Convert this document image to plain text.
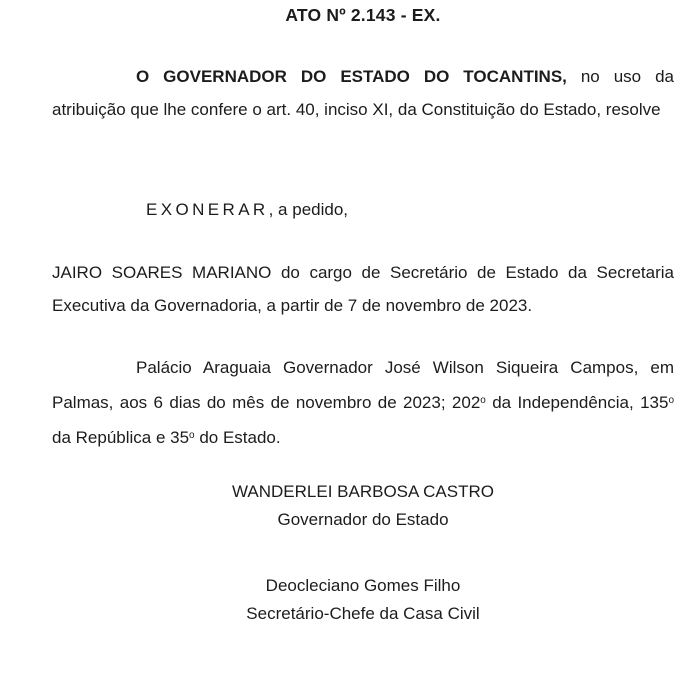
ATO Nº 2.143 - EX.
O GOVERNADOR DO ESTADO DO TOCANTINS, no uso da atribuição que lhe confere o art. 40, inciso XI, da Constituição do Estado, resolve
EXONERAR, a pedido,
JAIRO SOARES MARIANO do cargo de Secretário de Estado da Secretaria Executiva da Governadoria, a partir de 7 de novembro de 2023.
Palácio Araguaia Governador José Wilson Siqueira Campos, em Palmas, aos 6 dias do mês de novembro de 2023; 202$^o$ da Independência, 135$^o$ da República e 35$^o$ do Estado.
WANDERLEI BARBOSA CASTRO
Governador do Estado
Deocleciano Gomes Filho
Secretário-Chefe da Casa Civil
